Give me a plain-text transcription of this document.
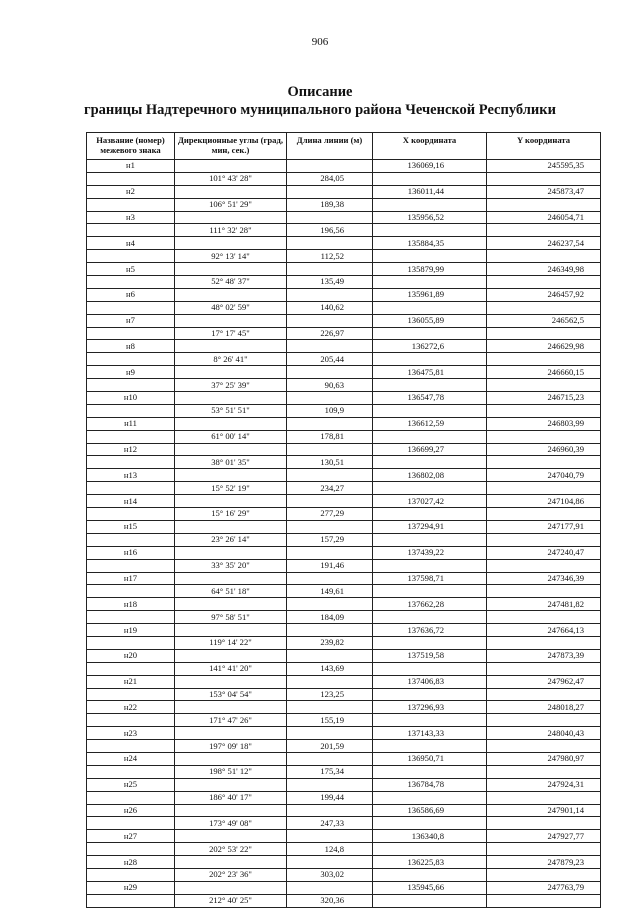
906
Описание
границы Надтеречного муниципального района Чеченской Республики
Название (номер) межевого знака	Дирекционные углы (град, мин, сек.)	Длина линии (м)	X координата	Y координата
н1			136069,16	245595,35
	101° 43' 28"	284,05		
н2			136011,44	245873,47
	106° 51' 29"	189,38		
н3			135956,52	246054,71
	111° 32' 28"	196,56		
н4			135884,35	246237,54
	92° 13' 14"	112,52		
н5			135879,99	246349,98
	52° 48' 37"	135,49		
н6			135961,89	246457,92
	48° 02' 59"	140,62		
н7			136055,89	246562,5
	17° 17' 45"	226,97		
н8			136272,6	246629,98
	8° 26' 41"	205,44		
н9			136475,81	246660,15
	37° 25' 39"	90,63		
н10			136547,78	246715,23
	53° 51' 51"	109,9		
н11			136612,59	246803,99
	61° 00' 14"	178,81		
н12			136699,27	246960,39
	38° 01' 35"	130,51		
н13			136802,08	247040,79
	15° 52' 19"	234,27		
н14			137027,42	247104,86
	15° 16' 29"	277,29		
н15			137294,91	247177,91
	23° 26' 14"	157,29		
н16			137439,22	247240,47
	33° 35' 20"	191,46		
н17			137598,71	247346,39
	64° 51' 18"	149,61		
н18			137662,28	247481,82
	97° 58' 51"	184,09		
н19			137636,72	247664,13
	119° 14' 22"	239,82		
н20			137519,58	247873,39
	141° 41' 20"	143,69		
н21			137406,83	247962,47
	153° 04' 54"	123,25		
н22			137296,93	248018,27
	171° 47' 26"	155,19		
н23			137143,33	248040,43
	197° 09' 18"	201,59		
н24			136950,71	247980,97
	198° 51' 12"	175,34		
н25			136784,78	247924,31
	186° 40' 17"	199,44		
н26			136586,69	247901,14
	173° 49' 08"	247,33		
н27			136340,8	247927,77
	202° 53' 22"	124,8		
н28			136225,83	247879,23
	202° 23' 36"	303,02		
н29			135945,66	247763,79
	212° 40' 25"	320,36		
